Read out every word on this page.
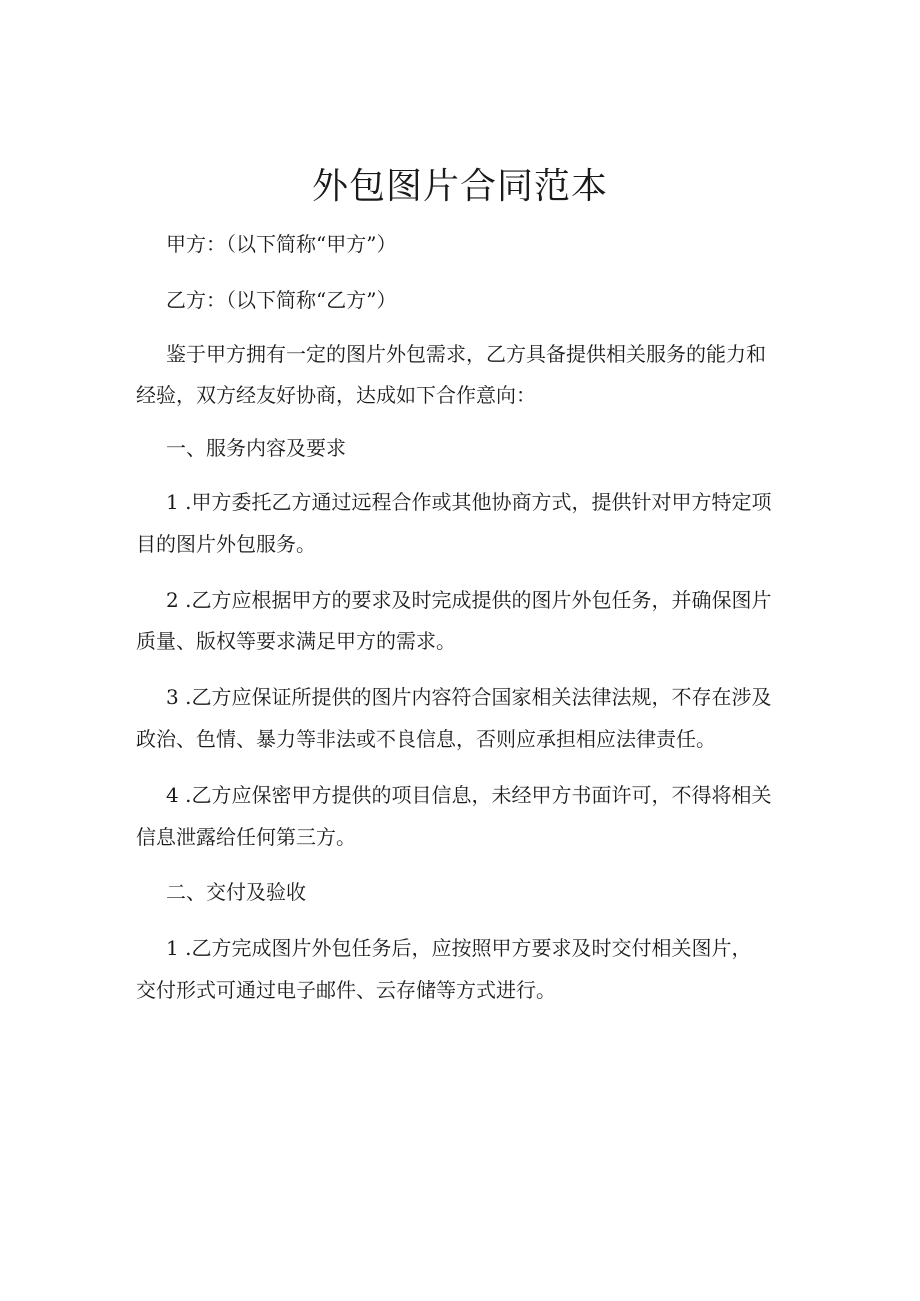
外包图片合同范本

甲方：（以下简称“甲方”）

乙方：（以下简称“乙方”）

鉴于甲方拥有一定的图片外包需求，乙方具备提供相关服务的能力和

经验，双方经友好协商，达成如下合作意向：

一、服务内容及要求

1 .甲方委托乙方通过远程合作或其他协商方式，提供针对甲方特定项

目的图片外包服务。

2 .乙方应根据甲方的要求及时完成提供的图片外包任务，并确保图片

质量、版权等要求满足甲方的需求。

3 .乙方应保证所提供的图片内容符合国家相关法律法规，不存在涉及

政治、色情、暴力等非法或不良信息，否则应承担相应法律责任。

4 .乙方应保密甲方提供的项目信息，未经甲方书面许可，不得将相关

信息泄露给任何第三方。

二、交付及验收

1 .乙方完成图片外包任务后，应按照甲方要求及时交付相关图片，

交付形式可通过电子邮件、云存储等方式进行。
